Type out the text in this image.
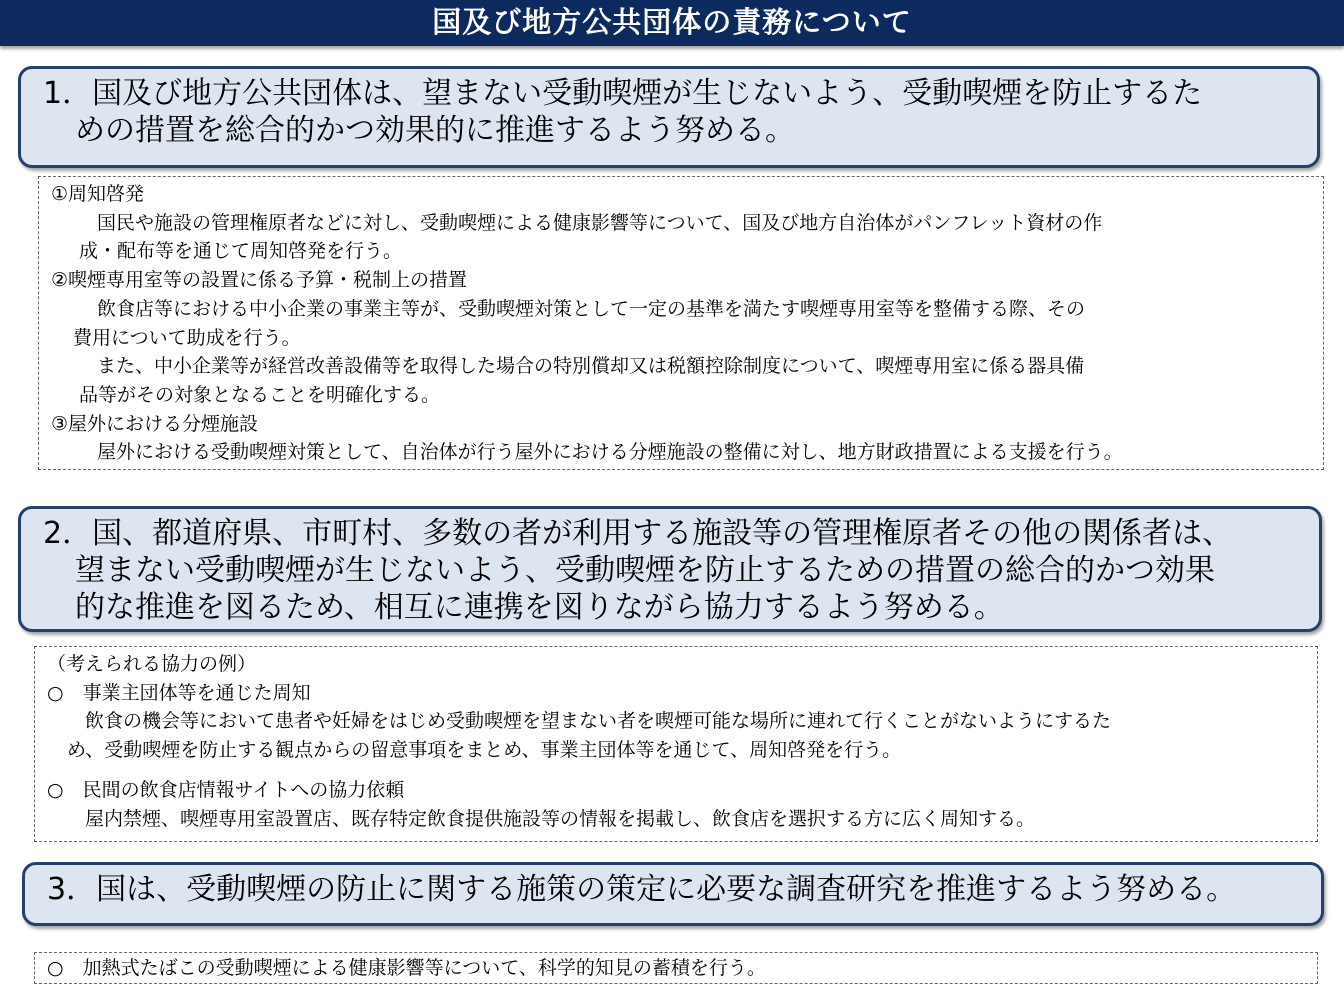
国及び地方公共団体の責務について
1．国及び地方公共団体は、望まない受動喫煙が生じないよう、受動喫煙を防止するた
めの措置を総合的かつ効果的に推進するよう努める。
①周知啓発
国民や施設の管理権原者などに対し、受動喫煙による健康影響等について、国及び地方自治体がパンフレット資材の作
成・配布等を通じて周知啓発を行う。
②喫煙専用室等の設置に係る予算・税制上の措置
飲食店等における中小企業の事業主等が、受動喫煙対策として一定の基準を満たす喫煙専用室等を整備する際、その
費用について助成を行う。
また、中小企業等が経営改善設備等を取得した場合の特別償却又は税額控除制度について、喫煙専用室に係る器具備
品等がその対象となることを明確化する。
③屋外における分煙施設
屋外における受動喫煙対策として、自治体が行う屋外における分煙施設の整備に対し、地方財政措置による支援を行う。
2．国、都道府県、市町村、多数の者が利用する施設等の管理権原者その他の関係者は、
望まない受動喫煙が生じないよう、受動喫煙を防止するための措置の総合的かつ効果
的な推進を図るため、相互に連携を図りながら協力するよう努める。
（考えられる協力の例）
○　事業主団体等を通じた周知
飲食の機会等において患者や妊婦をはじめ受動喫煙を望まない者を喫煙可能な場所に連れて行くことがないようにするた
め、受動喫煙を防止する観点からの留意事項をまとめ、事業主団体等を通じて、周知啓発を行う。
○　民間の飲食店情報サイトへの協力依頼
屋内禁煙、喫煙専用室設置店、既存特定飲食提供施設等の情報を掲載し、飲食店を選択する方に広く周知する。
3．国は、受動喫煙の防止に関する施策の策定に必要な調査研究を推進するよう努める。
○　加熱式たばこの受動喫煙による健康影響等について、科学的知見の蓄積を行う。
